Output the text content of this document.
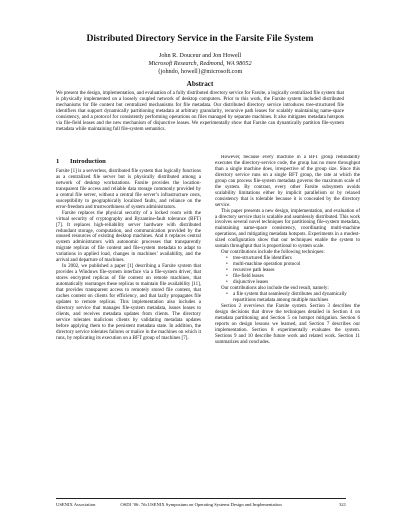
Distributed Directory Service in the Farsite File System
John R. Douceur and Jon Howell
Microsoft Research, Redmond, WA 98052
{johndo, howell}@microsoft.com
Abstract

We present the design, implementation, and evaluation of a fully distributed directory service for Farsite, a logically centralized file system that is physically implemented on a loosely coupled network of desktop computers. Prior to this work, the Farsite system included distributed mechanisms for file content but centralized mechanisms for file metadata. Our distributed directory service introduces tree-structured file identifiers that support dynamically partitioning metadata at arbitrary granularity, recursive path leases for scalably maintaining name-space consistency, and a protocol for consistently performing operations on files managed by separate machines. It also mitigates metadata hotspots via file-field leases and the new mechanism of disjunctive leases. We experimentally show that Farsite can dynamically partition file-system metadata while maintaining full file-system semantics.

1 Introduction

Farsite [1] is a serverless, distributed file system that logically functions as a centralized file server but is physically distributed among a network of desktop workstations. Farsite provides the location-transparent file access and reliable data storage commonly provided by a central file server, without a central file server’s infrastructure costs, susceptibility to geographically localized faults, and reliance on the error-freedom and trustworthiness of system administrators.

Farsite replaces the physical security of a locked room with the virtual security of cryptography and Byzantine-fault tolerance (BFT) [7]. It replaces high-reliability server hardware with distributed redundant storage, computation, and communication provided by the unused resources of existing desktop machines. And it replaces central system administrators with autonomic processes that transparently migrate replicas of file content and file-system metadata to adapt to variations in applied load, changes in machines’ availability, and the arrival and departure of machines.

In 2002, we published a paper [1] describing a Farsite system that provides a Windows file-system interface via a file-system driver, that stores encrypted replicas of file content on remote machines, that automatically rearranges these replicas to maintain file availability [11], that provides transparent access to remotely stored file content, that caches content on clients for efficiency, and that lazily propagates file updates to remote replicas. This implementation also includes a directory service that manages file-system metadata, issues leases to clients, and receives metadata updates from clients. The directory service tolerates malicious clients by validating metadata updates before applying them to the persistent metadata state. In addition, the directory service tolerates failures or malice in the machines on which it runs, by replicating its execution on a BFT group of machines [7].

However, because every machine in a BFT group redundantly executes the directory-service code, the group has no more throughput than a single machine does, irrespective of the group size. Since this directory service runs on a single BFT group, the rate at which the group can process file-system metadata governs the maximum scale of the system. By contrast, every other Farsite subsystem avoids scalability limitations either by implicit parallelism or by relaxed consistency that is tolerable because it is concealed by the directory service.

This paper presents a new design, implementation, and evaluation of a directory service that is scalable and seamlessly distributed. This work involves several novel techniques for partitioning file-system metadata, maintaining name-space consistency, coordinating multi-machine operations, and mitigating metadata hotspots. Experiments in a modest-sized configuration show that our techniques enable the system to sustain throughput that is proportional to system scale.

Our contributions include the following techniques:

• tree-structured file identifiers
• multi-machine operation protocol
• recursive path leases
• file-field leases
• disjunctive leases

Our contributions also include the end result, namely:

• a file system that seamlessly distributes and dynamically repartitions metadata among multiple machines

Section 2 overviews the Farsite system. Section 3 describes the design decisions that drove the techniques detailed in Section 4 on metadata partitioning and Section 5 on hotspot mitigation. Section 6 reports on design lessons we learned, and Section 7 describes our implementation. Section 8 experimentally evaluates the system. Sections 9 and 10 describe future work and related work. Section 11 summarizes and concludes.

OSDI ’06: 7th USENIX Symposium on Operating Systems Design and Implementation
USENIX Association	321
